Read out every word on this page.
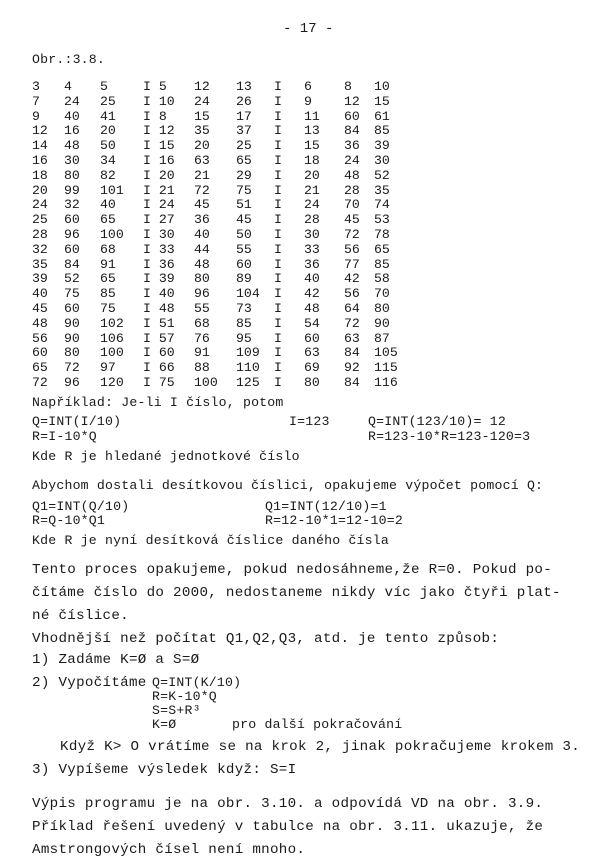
- 17 -
Obr.:3.8.
3 4 5	I 5 12 13 I 6 8 10
7 24 25 I 10 24 26 I 9 12 15
9 40 41 I 8 15 17 I 11 60 61
12 16 20 I 12 35 37 I 13 84 85
14 48 50 I 15 20 25 I 15 36 39
16 30 34 I 16 63 65 I 18 24 30
18 80 82 I 20 21 29 I 20 48 52
20 99 101 I 21 72 75 I 21 28 35
24 32 40 I 24 45 51 I 24 70 74
25 60 65 I 27 36 45 I 28 45 53
28 96 100 I 30 40 50 I 30 72 78
32 60 68 I 33 44 55 I 33 56 65
35 84 91 I 36 48 60 I 36 77 85
39 52 65 I 39 80 89 I 40 42 58
40 75 85 I 40 96 104 I 42 56 70
45 60 75 I 48 55 73 I 48 64 80
48 90 102 I 51 68 85 I 54 72 90
56 90 106 I 57 76 95 I 60 63 87
60 80 100 I 60 91 109 I 63 84 105
65 72 97 I 66 88 110 I 69 92 115
72 96 120 I 75 100 125 I 80 84 116
Například: Je-li I číslo, potom
Q=INT(I/10)
R=I-10*Q
I=123	Q=INT(123/10)= 12
R=123-10*R=123-120=3
Kde R je hledané jednotkové číslo
Abychom dostali desítkovou číslici, opakujeme výpočet pomocí Q:
Q1=INT(Q/10)
R=Q-10*Q1
Q1=INT(12/10)=1
R=12-10*1=12-10=2
Kde R je nyní desítková číslice daného čísla
Tento proces opakujeme, pokud nedosáhneme,že R=0. Pokud po-
čítáme číslo do 2000, nedostaneme nikdy víc jako čtyři plat-
né číslice.
Vhodnější než počítat Q1,Q2,Q3, atd. je tento způsob:
1) Zadáme K=Ø a S=Ø
2) Vypočítáme Q=INT(K/10)
R=K-10*Q
S=S+R³
K=Ø	pro další pokračování
Když K> O vrátíme se na krok 2, jinak pokračujeme krokem 3.
3) Vypíšeme výsledek když: S=I
Výpis programu je na obr. 3.10. a odpovídá VD na obr. 3.9.
Příklad řešení uvedený v tabulce na obr. 3.11. ukazuje, že
Amstrongových čísel není mnoho.
